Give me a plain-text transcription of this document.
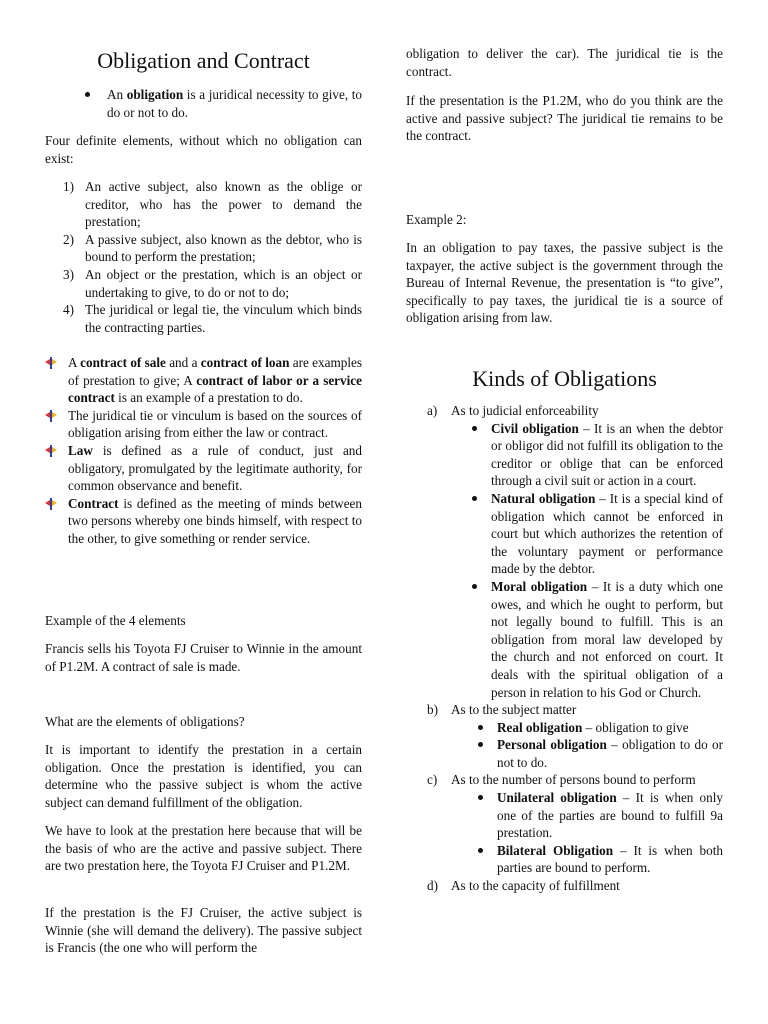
Obligation and Contract
An obligation is a juridical necessity to give, to do or not to do.

Four definite elements, without which no obligation can exist:

1) An active subject, also known as the oblige or creditor, who has the power to demand the prestation;
2) A passive subject, also known as the debtor, who is bound to perform the prestation;
3) An object or the prestation, which is an object or undertaking to give, to do or not to do;
4) The juridical or legal tie, the vinculum which binds the contracting parties.
A contract of sale and a contract of loan are examples of prestation to give; A contract of labor or a service contract is an example of a prestation to do.
The juridical tie or vinculum is based on the sources of obligation arising from either the law or contract.
Law is defined as a rule of conduct, just and obligatory, promulgated by the legitimate authority, for common observance and benefit.
Contract is defined as the meeting of minds between two persons whereby one binds himself, with respect to the other, to give something or render service.

Example of the 4 elements

Francis sells his Toyota FJ Cruiser to Winnie in the amount of P1.2M. A contract of sale is made.

What are the elements of obligations?

It is important to identify the prestation in a certain obligation. Once the prestation is identified, you can determine who the passive subject is whom the active subject can demand fulfillment of the obligation.

We have to look at the prestation here because that will be the basis of who are the active and passive subject. There are two prestation here, the Toyota FJ Cruiser and P1.2M.

If the prestation is the FJ Cruiser, the active subject is Winnie (she will demand the delivery). The passive subject is Francis (the one who will perform the

obligation to deliver the car). The juridical tie is the contract.

If the presentation is the P1.2M, who do you think are the active and passive subject? The juridical tie remains to be the contract.

Example 2:

In an obligation to pay taxes, the passive subject is the taxpayer, the active subject is the government through the Bureau of Internal Revenue, the presentation is “to give”, specifically to pay taxes, the juridical tie is a source of obligation arising from law.

Kinds of Obligations
a) As to judicial enforceability
Civil obligation – It is an when the debtor or obligor did not fulfill its obligation to the creditor or oblige that can be enforced through a civil suit or action in a court.
Natural obligation – It is a special kind of obligation which cannot be enforced in court but which authorizes the retention of the voluntary payment or performance made by the debtor.
Moral obligation – It is a duty which one owes, and which he ought to perform, but not legally bound to fulfill. This is an obligation from moral law developed by the church and not enforced on court. It deals with the spiritual obligation of a person in relation to his God or Church.
b) As to the subject matter
Real obligation – obligation to give
Personal obligation – obligation to do or not to do.
c) As to the number of persons bound to perform
Unilateral obligation – It is when only one of the parties are bound to fulfill 9a prestation.
Bilateral Obligation – It is when both parties are bound to perform.
d) As to the capacity of fulfillment
